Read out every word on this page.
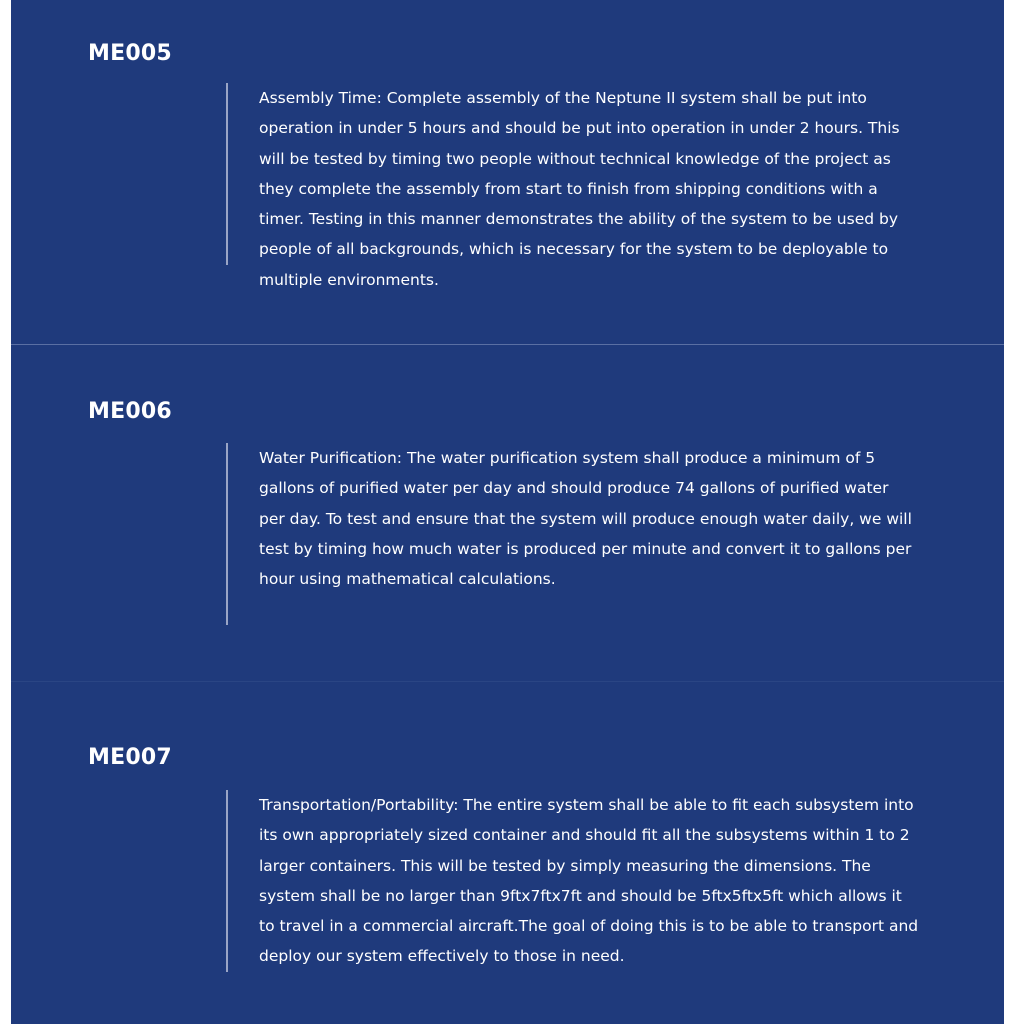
ME005

Assembly Time: Complete assembly of the Neptune II system shall be put into operation in under 5 hours and should be put into operation in under 2 hours. This will be tested by timing two people without technical knowledge of the project as they complete the assembly from start to finish from shipping conditions with a timer. Testing in this manner demonstrates the ability of the system to be used by people of all backgrounds, which is necessary for the system to be deployable to multiple environments.

ME006

Water Purification: The water purification system shall produce a minimum of 5 gallons of purified water per day and should produce 74 gallons of purified water per day. To test and ensure that the system will produce enough water daily, we will test by timing how much water is produced per minute and convert it to gallons per hour using mathematical calculations.

ME007

Transportation/Portability: The entire system shall be able to fit each subsystem into its own appropriately sized container and should fit all the subsystems within 1 to 2 larger containers. This will be tested by simply measuring the dimensions. The system shall be no larger than 9ftx7ftx7ft and should be 5ftx5ftx5ft which allows it to travel in a commercial aircraft.The goal of doing this is to be able to transport and deploy our system effectively to those in need.
